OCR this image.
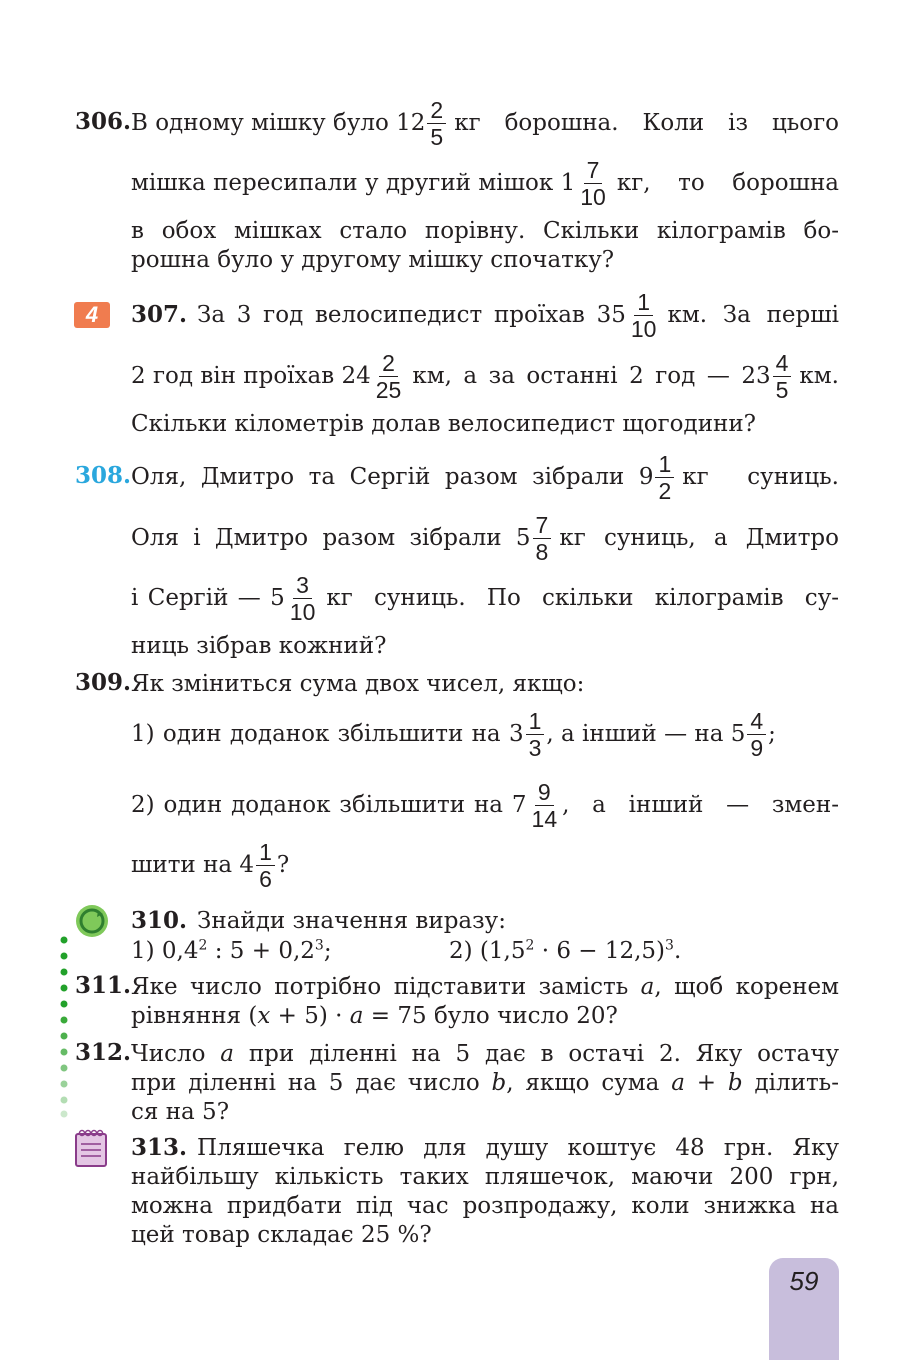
306. В одному мішку було $12 \frac{2}{5}$ кг борошна. Коли із цього
мішка пересипали у другий мішок $1 \frac{7}{10}$ кг, то борошна
в обох мішках стало порівну. Скільки кілограмів бо-
рошна було у другому мішку спочатку?
4	307. За 3 год велосипедист проїхав $35 \frac{1}{10}$ км. За перші
2 год він проїхав $24 \frac{2}{25}$ км, а за останні 2 год — $23 \frac{4}{5}$ км.
Скільки кілометрів долав велосипедист щогодини?
308. Оля, Дмитро та Сергій разом зібрали $9 \frac{1}{2}$ кг суниць.
Оля і Дмитро разом зібрали $5 \frac{7}{8}$ кг суниць, а Дмитро
і Сергій — $5 \frac{3}{10}$ кг суниць. По скільки кілограмів су-
ниць зібрав кожний?
309. Як зміниться сума двох чисел, якщо:
1) один доданок збільшити на $3 \frac{1}{3}$ , а інший — на $5 \frac{4}{9}$ ;
2) один доданок збільшити на $7 \frac{9}{14}$ , а інший — змен-
шити на $4 \frac{1}{6}$ ?
310. Знайди значення виразу:
1) $0,4^2$ : $5 + 0,2^3$;	2) $(1,5^2 \cdot 6 - 12,5)^3$.
311. Яке число потрібно підставити замість a, щоб коренем
рівняння (x + 5) · a = 75 було число 20?
312. Число a при діленні на 5 дає в остачі 2. Яку остачу
при діленні на 5 дає число b, якщо сума a + b ділить-
ся на 5?
313. Пляшечка гелю для душу коштує 48 грн. Яку
найбільшу кількість таких пляшечок, маючи 200 грн,
можна придбати під час розпродажу, коли знижка на
цей товар складає 25 %?
59
